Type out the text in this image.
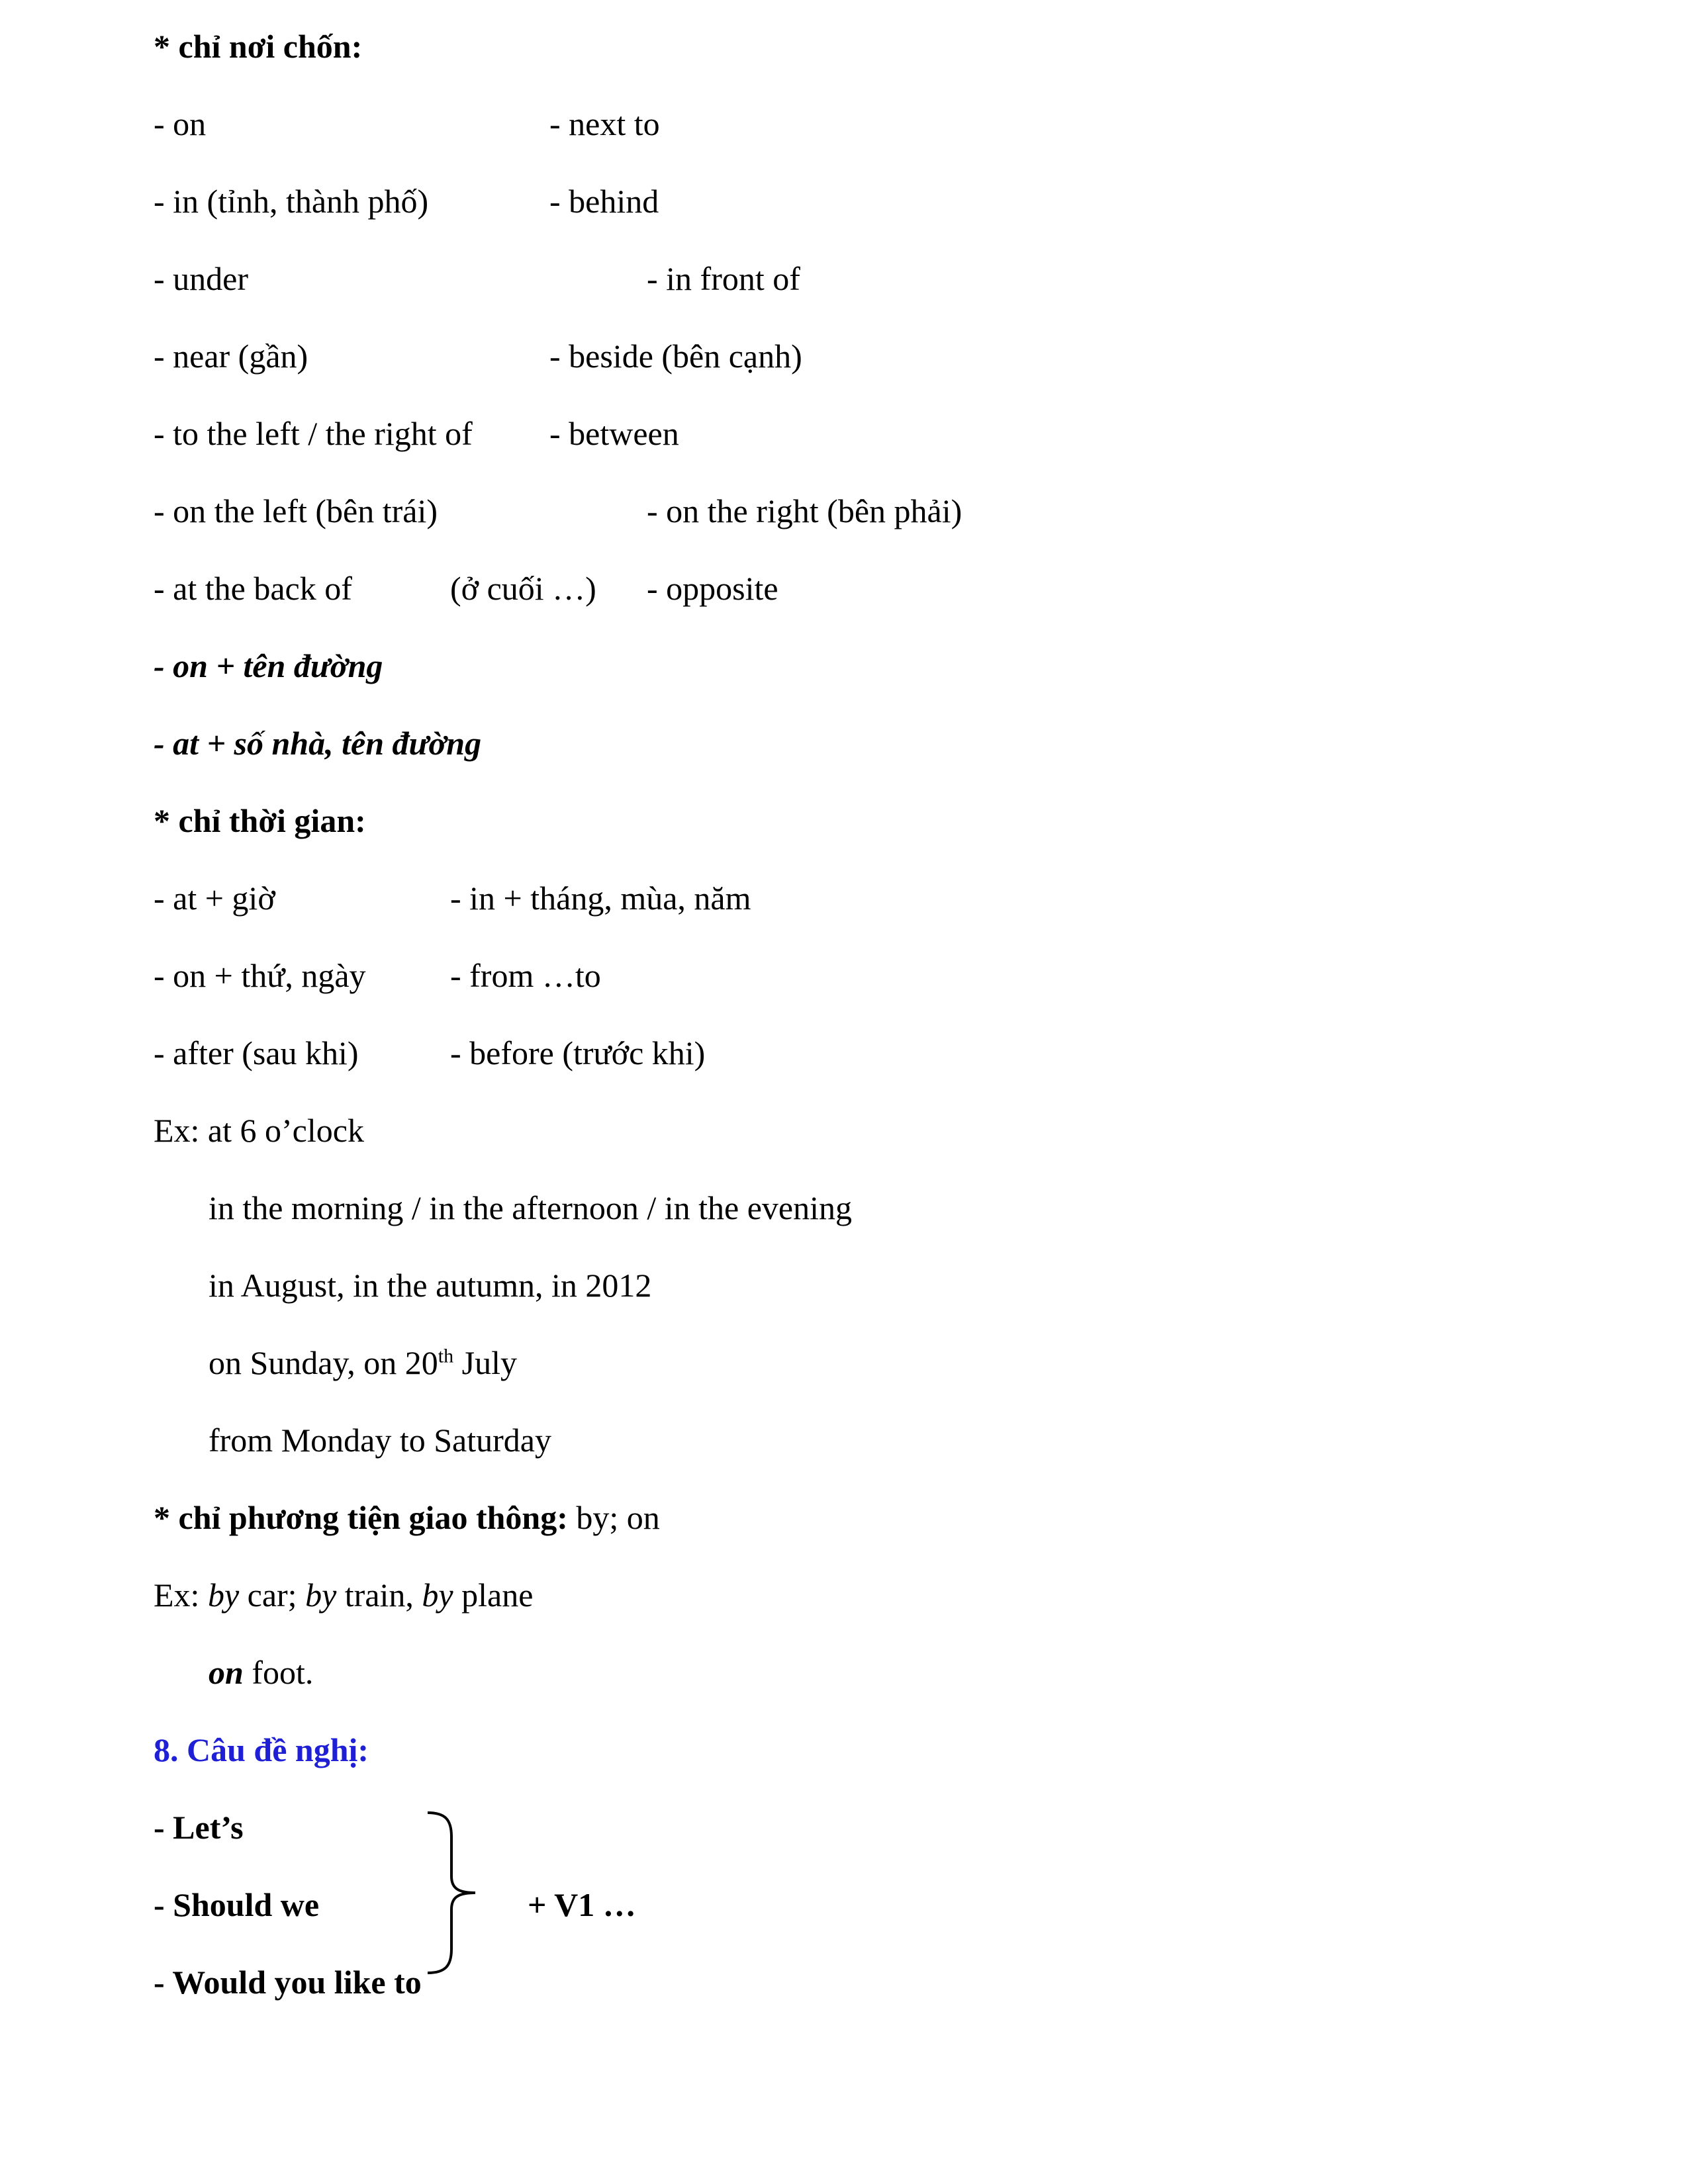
* chỉ nơi chốn:
- on	- next to
- in (tỉnh, thành phố)	- behind
- under	- in front of
- near (gần)	- beside (bên cạnh)
- to the left / the right of - between
- on the left (bên trái)	- on the right (bên phải)
- at the back of	(ở cuối …) - opposite
- on + tên đường
- at + số nhà, tên đường
* chỉ thời gian:
- at + giờ	- in + tháng, mùa, năm
- on + thứ, ngày	- from …to
- after (sau khi)	- before (trước khi)
Ex: at 6 o’clock
in the morning / in the afternoon / in the evening
in August, in the autumn, in 2012
on Sunday, on 20th July
from Monday to Saturday
* chỉ phương tiện giao thông: by; on
Ex: by car; by train, by plane
on foot.
8. Câu đề nghị:
- Let’s
- Should we
- Would you like to
+ V1 …
